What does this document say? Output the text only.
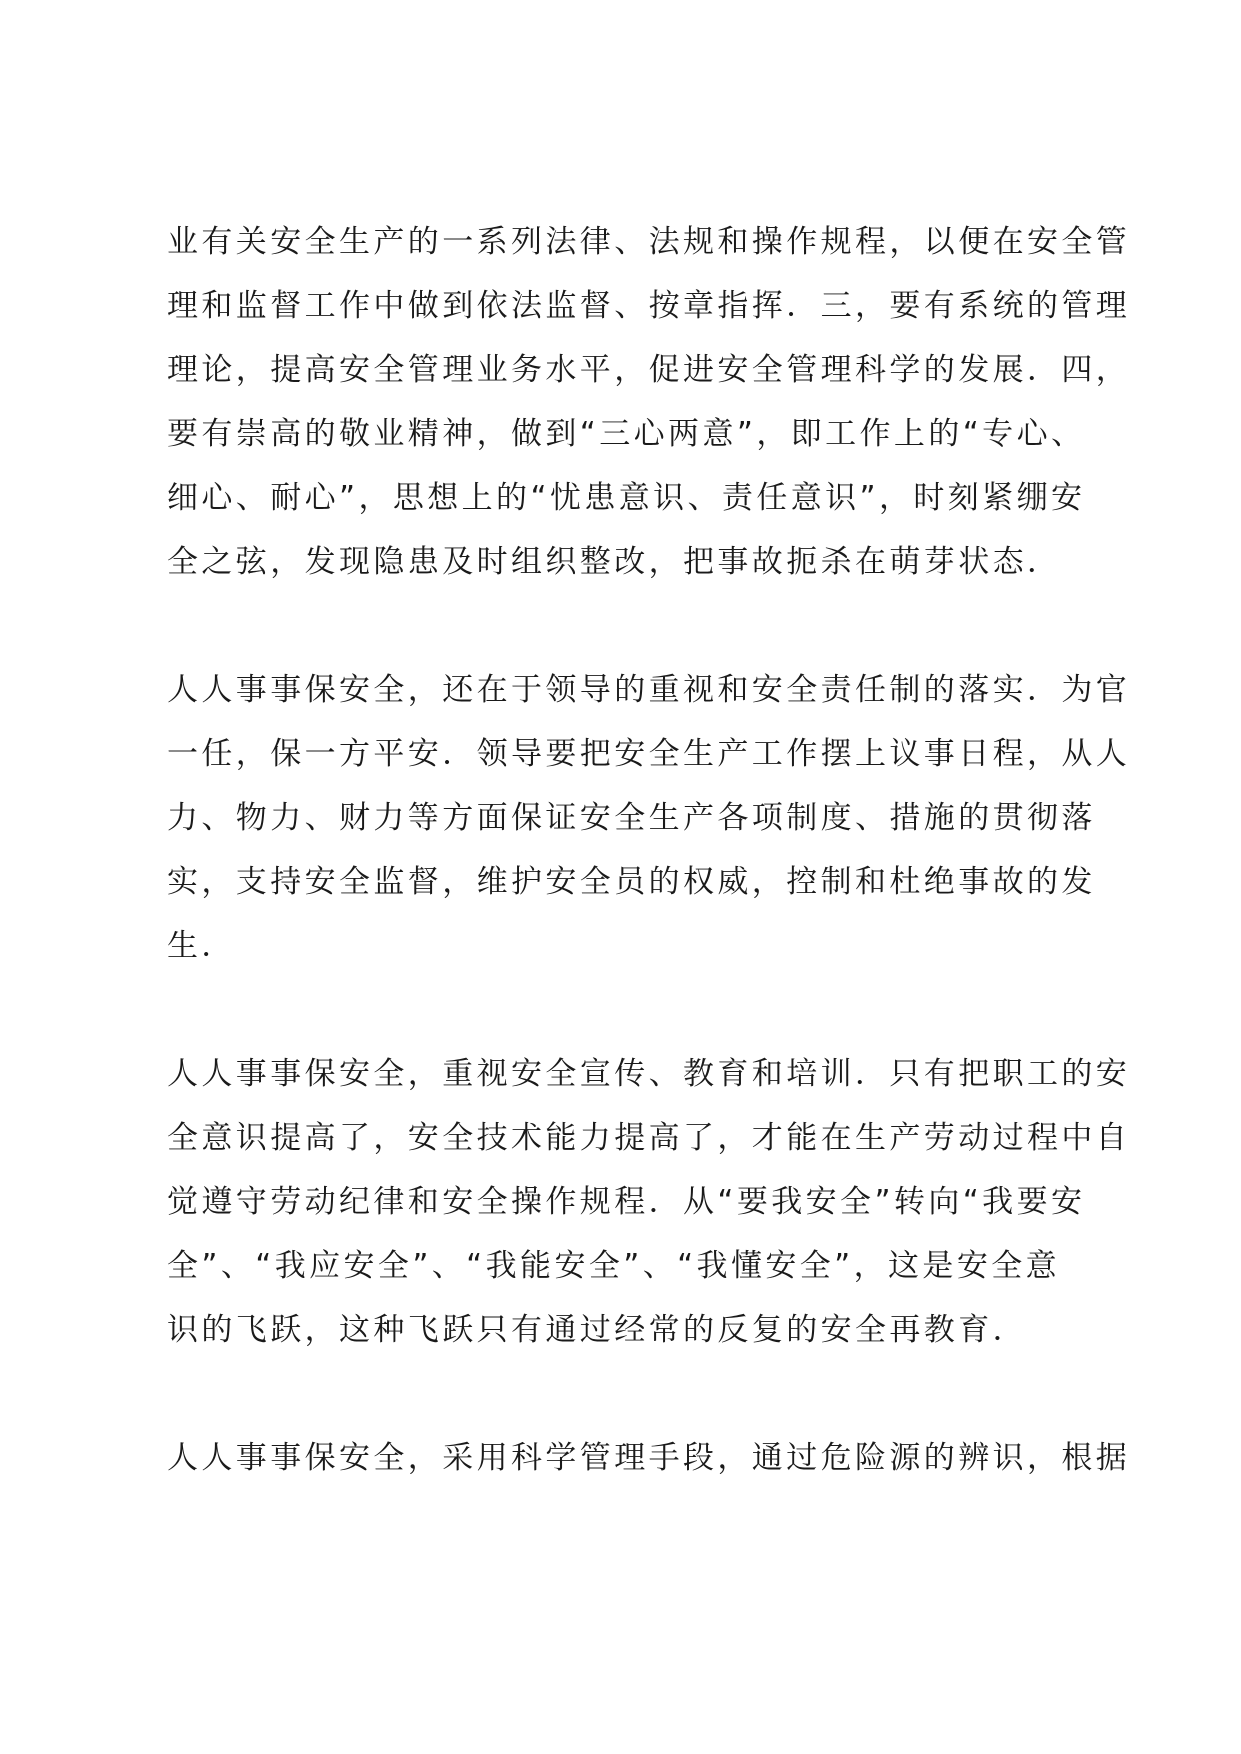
业有关安全生产的一系列法律、法规和操作规程，以便在安全管
理和监督工作中做到依法监督、按章指挥．三，要有系统的管理
理论，提高安全管理业务水平，促进安全管理科学的发展．四，
要有崇高的敬业精神，做到“三心两意”，即工作上的“专心、
细心、耐心”，思想上的“忧患意识、责任意识”，时刻紧绷安
全之弦，发现隐患及时组织整改，把事故扼杀在萌芽状态．
人人事事保安全，还在于领导的重视和安全责任制的落实．为官
一任，保一方平安．领导要把安全生产工作摆上议事日程，从人
力、物力、财力等方面保证安全生产各项制度、措施的贯彻落
实，支持安全监督，维护安全员的权威，控制和杜绝事故的发
生．
人人事事保安全，重视安全宣传、教育和培训．只有把职工的安
全意识提高了，安全技术能力提高了，才能在生产劳动过程中自
觉遵守劳动纪律和安全操作规程．从“要我安全”转向“我要安
全”、“我应安全”、“我能安全”、“我懂安全”，这是安全意
识的飞跃，这种飞跃只有通过经常的反复的安全再教育．
人人事事保安全，采用科学管理手段，通过危险源的辨识，根据
